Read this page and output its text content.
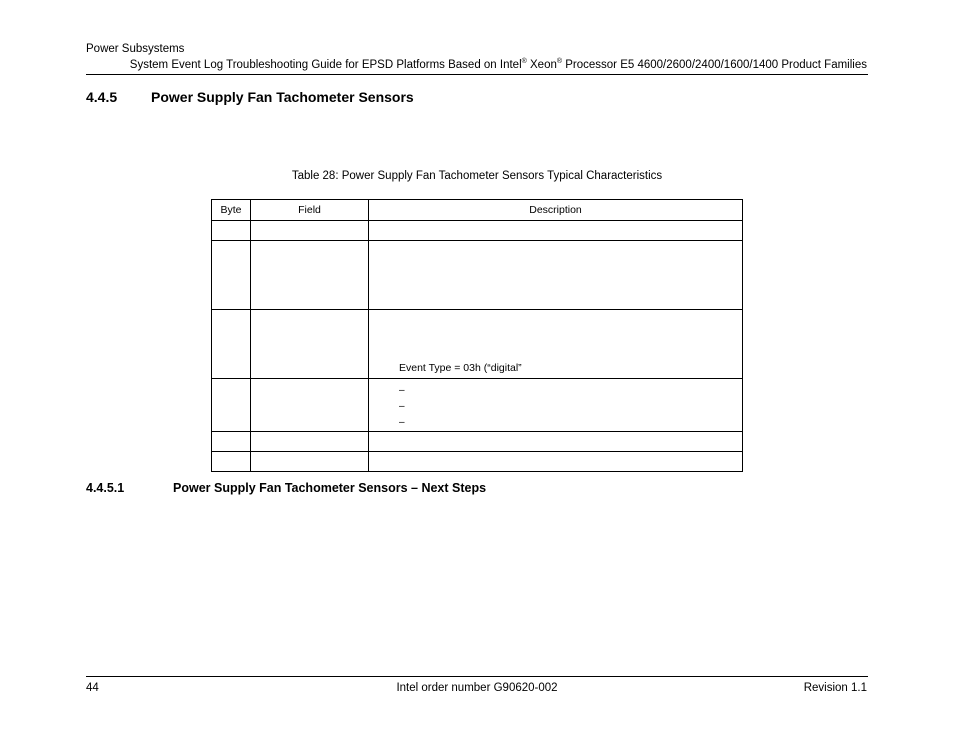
Power Subsystems
System Event Log Troubleshooting Guide for EPSD Platforms Based on Intel® Xeon® Processor E5 4600/2600/2400/1600/1400 Product Families
4.4.5 Power Supply Fan Tachometer Sensors
Table 28: Power Supply Fan Tachometer Sensors Typical Characteristics
Byte	Field	Description

		Event Type = 03h (“digital”

		–
–
–

4.4.5.1	Power Supply Fan Tachometer Sensors – Next Steps
44	Intel order number G90620-002	Revision 1.1
